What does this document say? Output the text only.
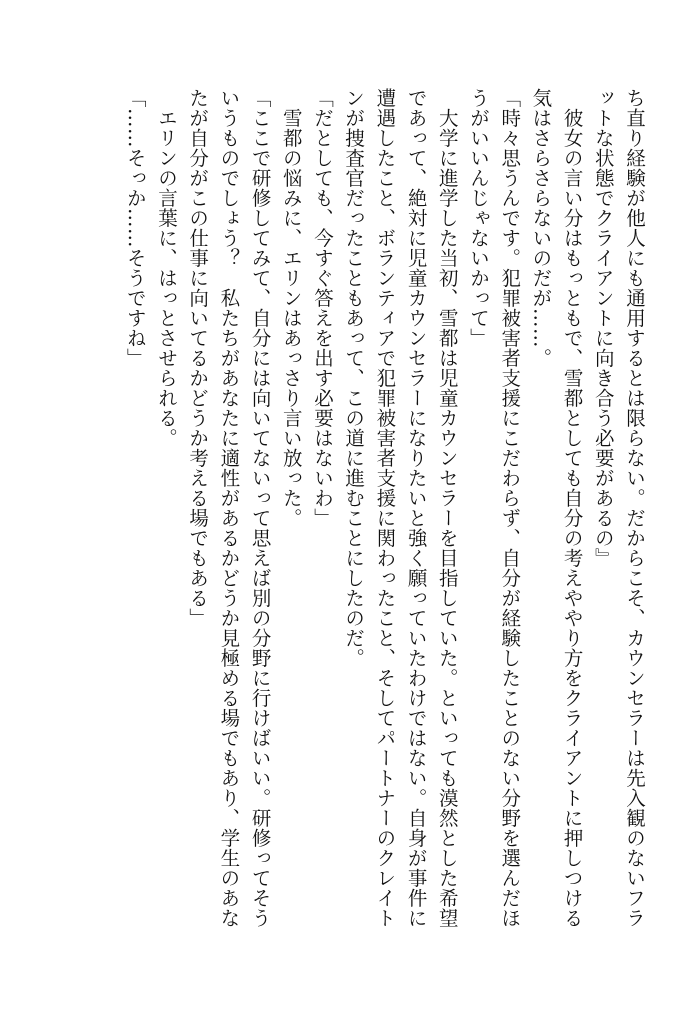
ち直り経験が他人にも通用するとは限らない。だからこそ、カウンセラーは先入観のないフラ
ットな状態でクライアントに向き合う必要があるの』
　彼女の言い分はもっともで、雪都としても自分の考えややり方をクライアントに押しつける
気はさらさらないのだが……。
「時々思うんです。犯罪被害者支援にこだわらず、自分が経験したことのない分野を選んだほ
うがいいんじゃないかって」
　大学に進学した当初、雪都は児童カウンセラーを目指していた。といっても漠然とした希望
であって、絶対に児童カウンセラーになりたいと強く願っていたわけではない。自身が事件に
遭遇したこと、ボランティアで犯罪被害者支援に関わったこと、そしてパートナーのクレイト
ンが捜査官だったこともあって、この道に進むことにしたのだ。
「だとしても、今すぐ答えを出す必要はないわ」
　雪都の悩みに、エリンはあっさり言い放った。
「ここで研修してみて、自分には向いてないって思えば別の分野に行けばいい。研修ってそう
いうものでしょう？　私たちがあなたに適性があるかどうか見極める場でもあり、学生のあな
たが自分がこの仕事に向いてるかどうか考える場でもある」
　エリンの言葉に、はっとさせられる。
「……そっか……そうですね」
